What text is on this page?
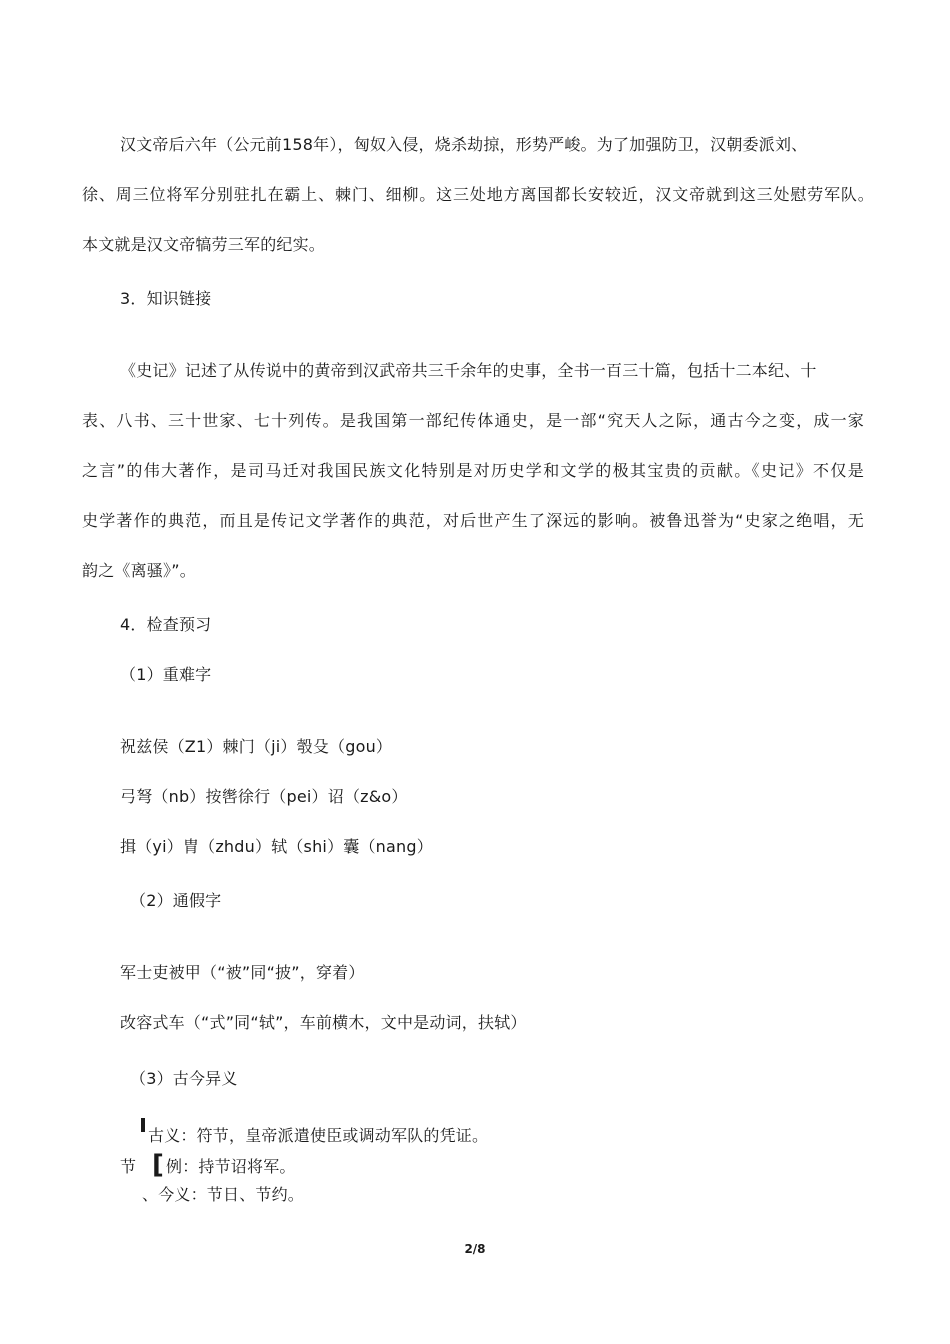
汉文帝后六年（公元前158年），匈奴入侵，烧杀劫掠，形势严峻。为了加强防卫，汉朝委派刘、
徐、周三位将军分别驻扎在霸上、棘门、细柳。这三处地方离国都长安较近，汉文帝就到这三处慰劳军队。
本文就是汉文帝犒劳三军的纪实。
3．知识链接
《史记》记述了从传说中的黄帝到汉武帝共三千余年的史事，全书一百三十篇，包括十二本纪、十
表、八书、三十世家、七十列传。是我国第一部纪传体通史，是一部“究天人之际，通古今之变，成一家
之言”的伟大著作，是司马迁对我国民族文化特别是对历史学和文学的极其宝贵的贡献。《史记》不仅是
史学著作的典范，而且是传记文学著作的典范，对后世产生了深远的影响。被鲁迅誉为“史家之绝唱，无
韵之《离骚》”。
4．检查预习
（1）重难字
祝兹侯（Z1）棘门（ji）彀殳（gou）
弓弩（nb）按辔徐行（pei）诏（z&o）
揖（yi）胄（zhdu）轼（shi）囊（nang）
（2）通假字
军士吏被甲（“被”同“披”，穿着）
改容式车（“式”同“轼”，车前横木，文中是动词，扶轼）
（3）古今异义
古义：符节，皇帝派遣使臣或调动军队的凭证。
节 [ 例：持节诏将军。
、今义：节日、节约。
2/8
